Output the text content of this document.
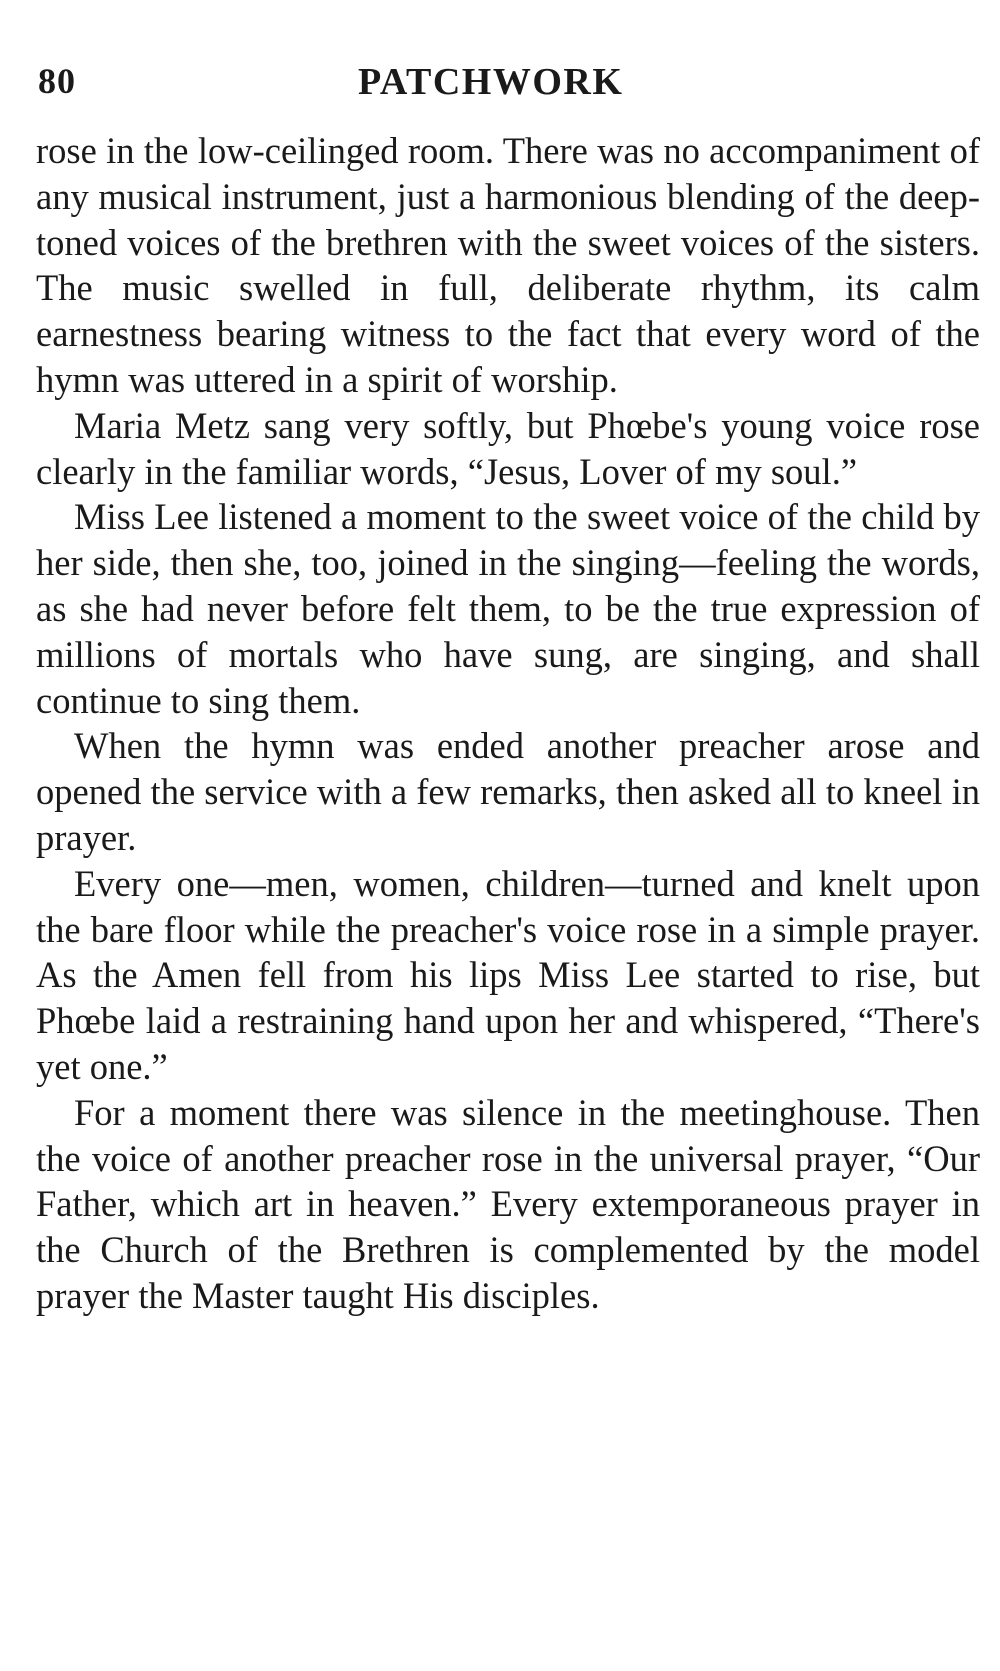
80	PATCHWORK

rose in the low-ceilinged room. There was no accompaniment of any musical instrument, just a harmonious blending of the deep-toned voices of the brethren with the sweet voices of the sisters. The music swelled in full, deliberate rhythm, its calm earnestness bearing witness to the fact that every word of the hymn was uttered in a spirit of worship.

Maria Metz sang very softly, but Phœbe's young voice rose clearly in the familiar words, “Jesus, Lover of my soul.”

Miss Lee listened a moment to the sweet voice of the child by her side, then she, too, joined in the singing—feeling the words, as she had never before felt them, to be the true expression of millions of mortals who have sung, are singing, and shall continue to sing them.

When the hymn was ended another preacher arose and opened the service with a few remarks, then asked all to kneel in prayer.

Every one—men, women, children—turned and knelt upon the bare floor while the preacher's voice rose in a simple prayer. As the Amen fell from his lips Miss Lee started to rise, but Phœbe laid a restraining hand upon her and whispered, “There's yet one.”

For a moment there was silence in the meetinghouse. Then the voice of another preacher rose in the universal prayer, “Our Father, which art in heaven.” Every extemporaneous prayer in the Church of the Brethren is complemented by the model prayer the Master taught His disciples.
